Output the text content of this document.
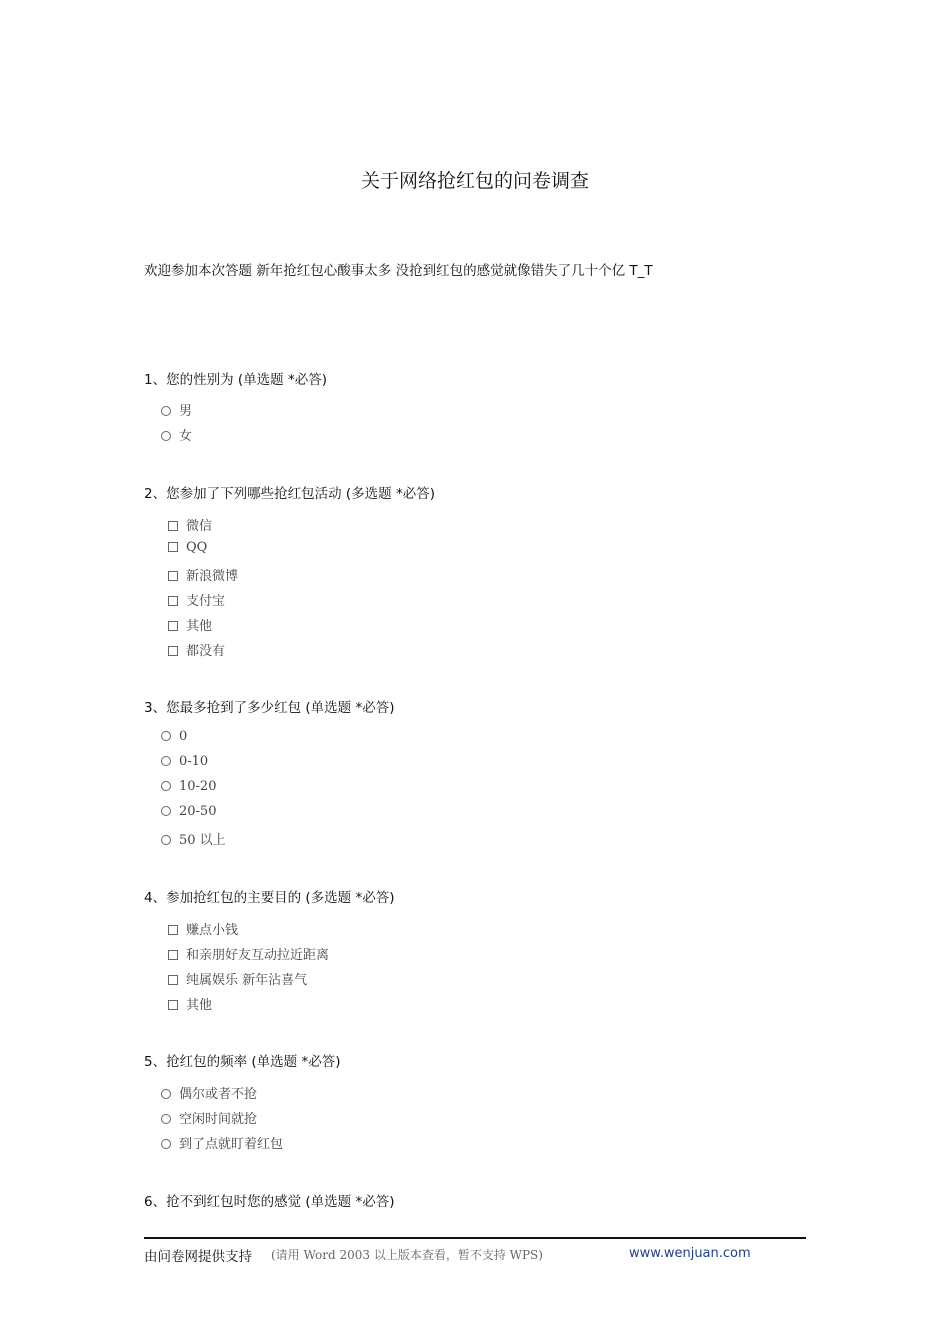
关于网络抢红包的问卷调查
欢迎参加本次答题 新年抢红包心酸事太多 没抢到红包的感觉就像错失了几十个亿 T_T
1、您的性别为 (单选题 *必答)
男
女
2、您参加了下列哪些抢红包活动 (多选题 *必答)
微信
QQ
新浪微博
支付宝
其他
都没有
3、您最多抢到了多少红包 (单选题 *必答)
0
0-10
10-20
20-50
50 以上
4、参加抢红包的主要目的 (多选题 *必答)
赚点小钱
和亲朋好友互动拉近距离
纯属娱乐 新年沾喜气
其他
5、抢红包的频率 (单选题 *必答)
偶尔或者不抢
空闲时间就抢
到了点就盯着红包
6、抢不到红包时您的感觉 (单选题 *必答)
由问卷网提供支持 (请用 Word 2003 以上版本查看，暂不支持 WPS)	www.wenjuan.com
